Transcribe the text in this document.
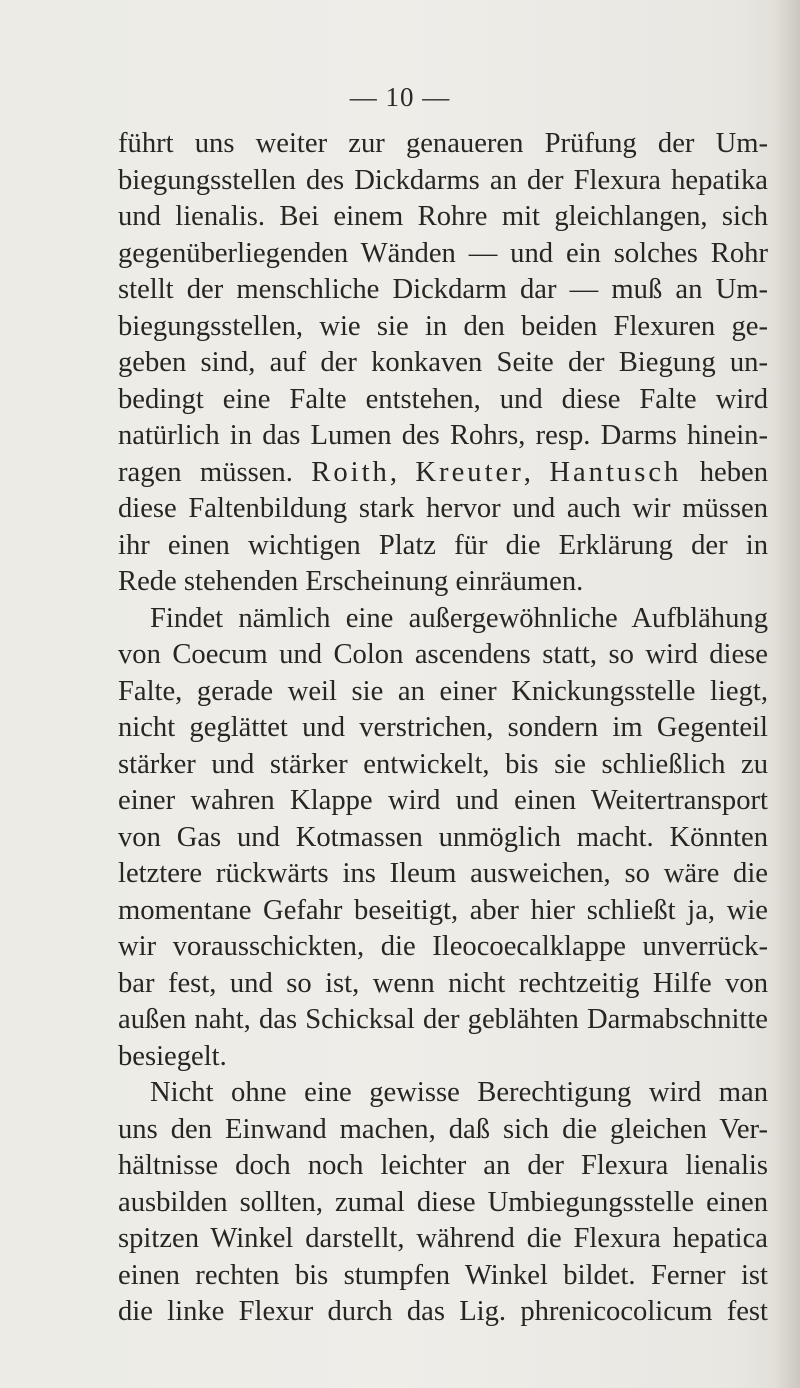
— 10 —
führt uns weiter zur genaueren Prüfung der Um-
biegungsstellen des Dickdarms an der Flexura hepatika
und lienalis. Bei einem Rohre mit gleichlangen, sich
gegenüberliegenden Wänden — und ein solches Rohr
stellt der menschliche Dickdarm dar — muß an Um-
biegungsstellen, wie sie in den beiden Flexuren ge-
geben sind, auf der konkaven Seite der Biegung un-
bedingt eine Falte entstehen, und diese Falte wird
natürlich in das Lumen des Rohrs, resp. Darms hinein-
ragen müssen. Roith, Kreuter, Hantusch heben
diese Faltenbildung stark hervor und auch wir müssen
ihr einen wichtigen Platz für die Erklärung der in
Rede stehenden Erscheinung einräumen.
Findet nämlich eine außergewöhnliche Aufblähung
von Coecum und Colon ascendens statt, so wird diese
Falte, gerade weil sie an einer Knickungsstelle liegt,
nicht geglättet und verstrichen, sondern im Gegenteil
stärker und stärker entwickelt, bis sie schließlich zu
einer wahren Klappe wird und einen Weitertransport
von Gas und Kotmassen unmöglich macht. Könnten
letztere rückwärts ins Ileum ausweichen, so wäre die
momentane Gefahr beseitigt, aber hier schließt ja, wie
wir vorausschickten, die Ileocoecalklappe unverrück-
bar fest, und so ist, wenn nicht rechtzeitig Hilfe von
außen naht, das Schicksal der geblähten Darmabschnitte
besiegelt.
Nicht ohne eine gewisse Berechtigung wird man
uns den Einwand machen, daß sich die gleichen Ver-
hältnisse doch noch leichter an der Flexura lienalis
ausbilden sollten, zumal diese Umbiegungsstelle einen
spitzen Winkel darstellt, während die Flexura hepatica
einen rechten bis stumpfen Winkel bildet. Ferner ist
die linke Flexur durch das Lig. phrenicocolicum fest
